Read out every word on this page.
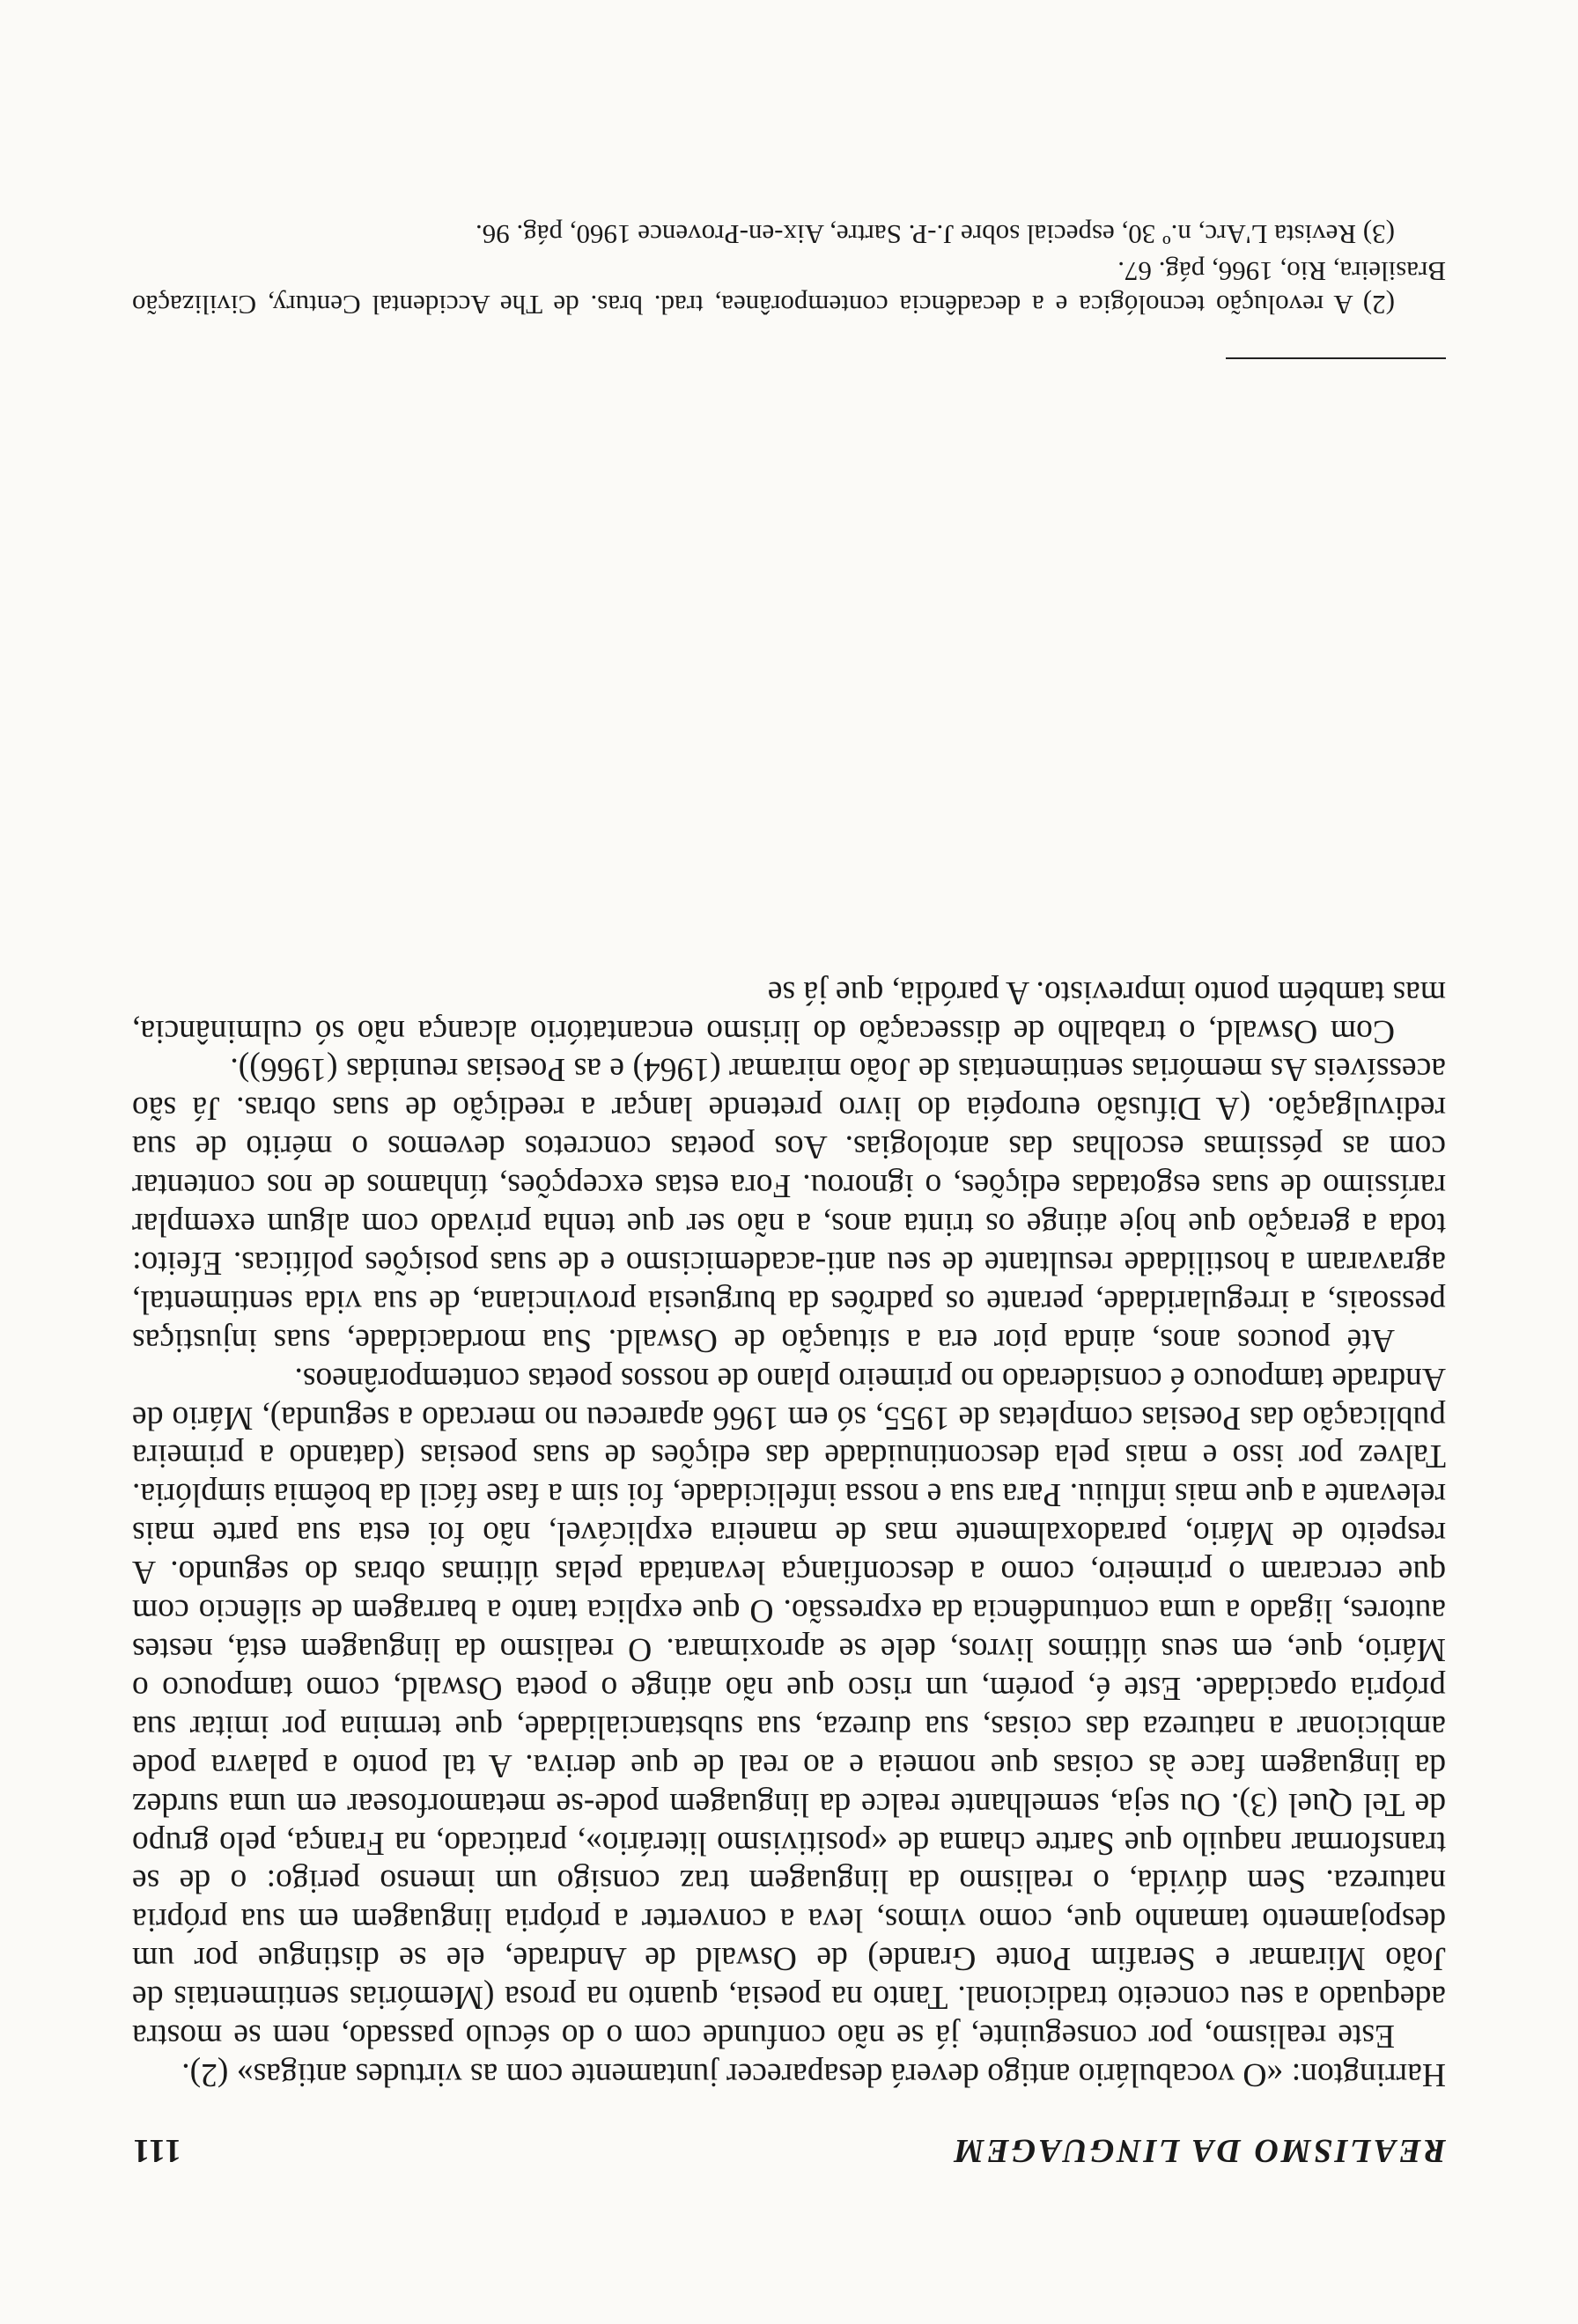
REALISMO DA LINGUAGEM
111

Harrington: «O vocabulário antigo deverá desaparecer juntamente com as virtudes antigas» (2).

Este realismo, por conseguinte, já se não confunde com o do século passado, nem se mostra adequado a seu conceito tradicional. Tanto na poesia, quanto na prosa (Memórias sentimentais de João Miramar e Serafim Ponte Grande) de Oswald de Andrade, ele se distingue por um despojamento tamanho que, como vimos, leva a converter a própria linguagem em sua própria natureza. Sem dúvida, o realismo da linguagem traz consigo um imenso perigo: o de se transformar naquilo que Sartre chama de «positivismo literário», praticado, na França, pelo grupo de Tel Quel (3). Ou seja, semelhante realce da linguagem pode-se metamorfosear em uma surdez da linguagem face às coisas que nomeia e ao real de que deriva. A tal ponto a palavra pode ambicionar a natureza das coisas, sua dureza, sua substancialidade, que termina por imitar sua própria opacidade. Este é, porém, um risco que não atinge o poeta Oswald, como tampouco o Mário, que, em seus últimos livros, dele se aproximara. O realismo da linguagem está, nestes autores, ligado a uma contundência da expressão. O que explica tanto a barragem de silêncio com que cercaram o primeiro, como a desconfiança levantada pelas últimas obras do segundo. A respeito de Mário, paradoxalmente mas de maneira explicável, não foi esta sua parte mais relevante a que mais influiu. Para sua e nossa infelicidade, foi sim a fase fácil da boêmia simplória. Talvez por isso e mais pela descontinuidade das edições de suas poesias (datando a primeira publicação das Poesias completas de 1955, só em 1966 apareceu no mercado a segunda), Mário de Andrade tampouco é considerado no primeiro plano de nossos poetas contemporâneos.

Até poucos anos, ainda pior era a situação de Oswald. Sua mordacidade, suas injustiças pessoais, a irregularidade, perante os padrões da burguesia provinciana, de sua vida sentimental, agravaram a hostilidade resultante de seu anti-academicismo e de suas posições políticas. Efeito: toda a geração que hoje atinge os trinta anos, a não ser que tenha privado com algum exemplar raríssimo de suas esgotadas edições, o ignorou. Fora estas excepções, tínhamos de nos contentar com as péssimas escolhas das antologias. Aos poetas concretos devemos o mérito de sua redivulgação. (A Difusão européia do livro pretende lançar a reedição de suas obras. Já são acessíveis As memórias sentimentais de João miramar (1964) e as Poesias reunidas (1966)).

Com Oswald, o trabalho de dissecação do lirismo encantatório alcança não só culminância, mas também ponto imprevisto. A paródia, que já se

(2) A revolução tecnológica e a decadência contemporânea, trad. bras. de The Accidental Century, Civilização Brasileira, Rio, 1966, pág. 67.

(3) Revista L'Arc, n.º 30, especial sobre J.-P. Sartre, Aix-en-Provence 1960, pág. 96.
